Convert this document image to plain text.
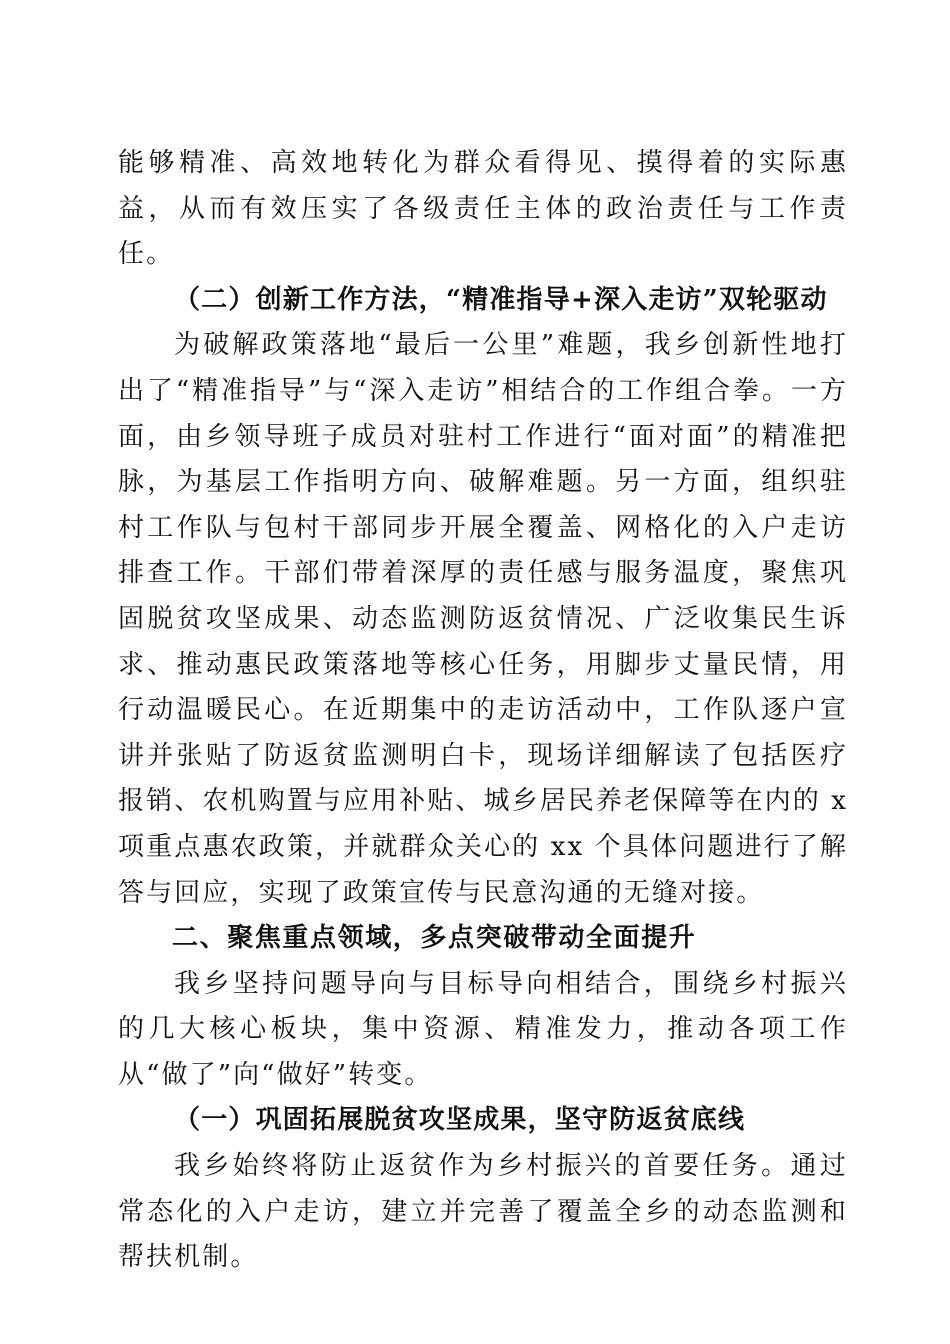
能够精准、高效地转化为群众看得见、摸得着的实际惠益，从而有效压实了各级责任主体的政治责任与工作责任。

（二）创新工作方法，“精准指导+深入走访”双轮驱动

为破解政策落地“最后一公里”难题，我乡创新性地打出了“精准指导”与“深入走访”相结合的工作组合拳。一方面，由乡领导班子成员对驻村工作进行“面对面”的精准把脉，为基层工作指明方向、破解难题。另一方面，组织驻村工作队与包村干部同步开展全覆盖、网格化的入户走访排查工作。干部们带着深厚的责任感与服务温度，聚焦巩固脱贫攻坚成果、动态监测防返贫情况、广泛收集民生诉求、推动惠民政策落地等核心任务，用脚步丈量民情，用行动温暖民心。在近期集中的走访活动中，工作队逐户宣讲并张贴了防返贫监测明白卡，现场详细解读了包括医疗报销、农机购置与应用补贴、城乡居民养老保障等在内的 x 项重点惠农政策，并就群众关心的 xx 个具体问题进行了解答与回应，实现了政策宣传与民意沟通的无缝对接。

二、聚焦重点领域，多点突破带动全面提升

我乡坚持问题导向与目标导向相结合，围绕乡村振兴的几大核心板块，集中资源、精准发力，推动各项工作从“做了”向“做好”转变。

（一）巩固拓展脱贫攻坚成果，坚守防返贫底线

我乡始终将防止返贫作为乡村振兴的首要任务。通过常态化的入户走访，建立并完善了覆盖全乡的动态监测和帮扶机制。
